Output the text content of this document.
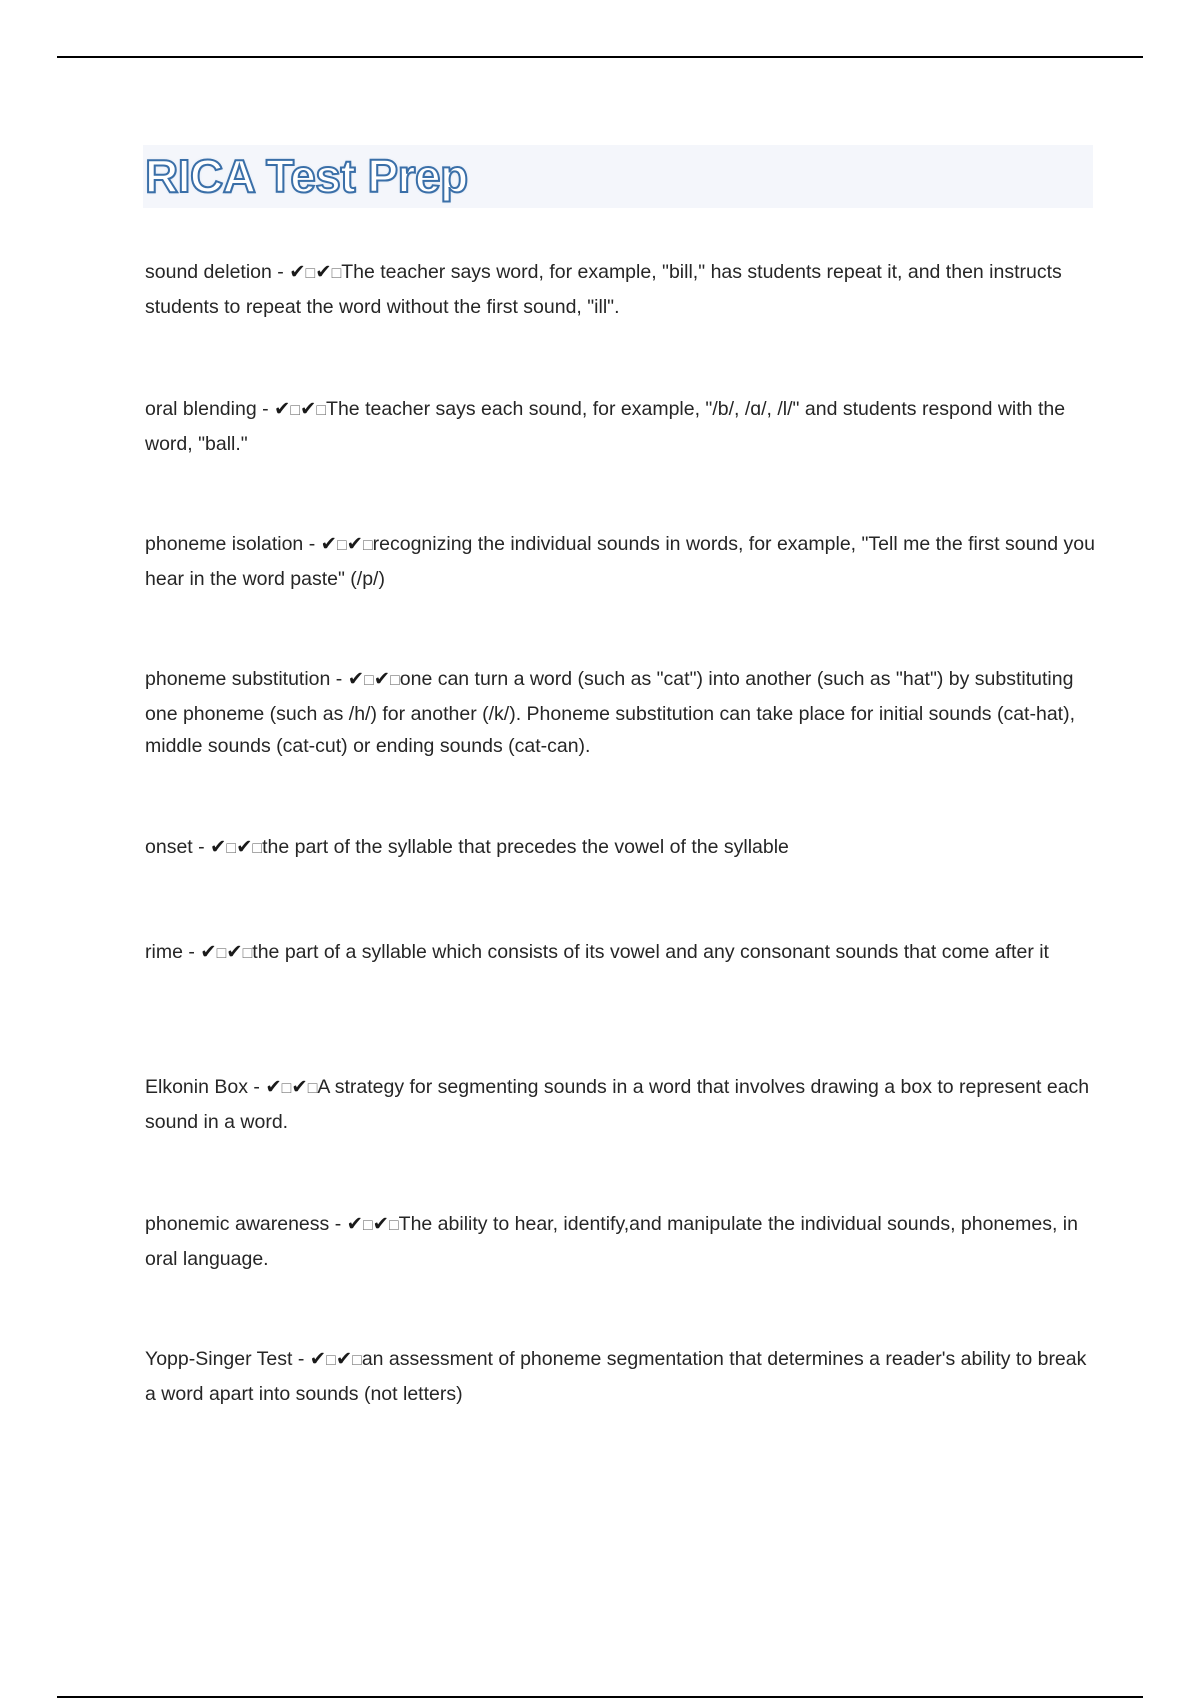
RICA Test Prep
sound deletion - ✔□✔□The teacher says word, for example, "bill," has students repeat it, and then instructs students to repeat the word without the first sound, "ill".
oral blending - ✔□✔□The teacher says each sound, for example, "/b/, /ɑ/, /l/" and students respond with the word, "ball."
phoneme isolation - ✔□✔□recognizing the individual sounds in words, for example, "Tell me the first sound you hear in the word paste" (/p/)
phoneme substitution - ✔□✔□one can turn a word (such as "cat") into another (such as "hat") by substituting one phoneme (such as /h/) for another (/k/). Phoneme substitution can take place for initial sounds (cat-hat), middle sounds (cat-cut) or ending sounds (cat-can).
onset - ✔□✔□the part of the syllable that precedes the vowel of the syllable
rime - ✔□✔□the part of a syllable which consists of its vowel and any consonant sounds that come after it
Elkonin Box - ✔□✔□A strategy for segmenting sounds in a word that involves drawing a box to represent each sound in a word.
phonemic awareness - ✔□✔□The ability to hear, identify,and manipulate the individual sounds, phonemes, in oral language.
Yopp-Singer Test - ✔□✔□an assessment of phoneme segmentation that determines a reader's ability to break a word apart into sounds (not letters)
